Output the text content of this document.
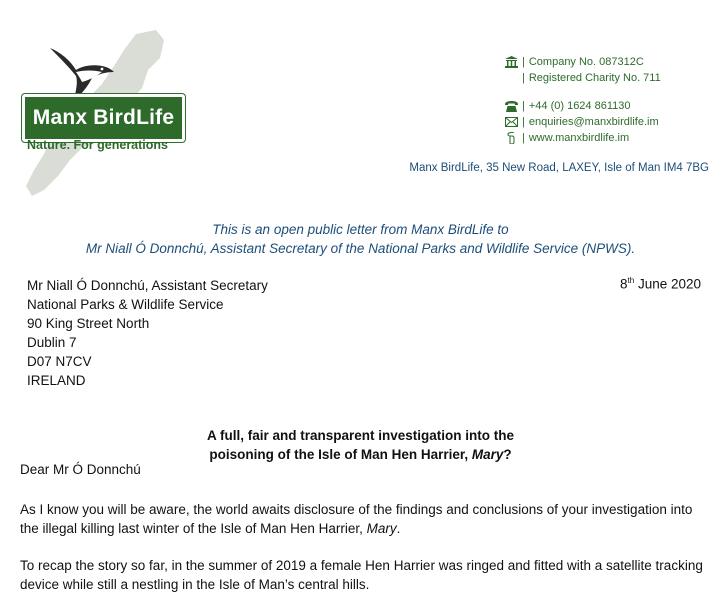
Manx BirdLife
Nature. For generations
| Company No. 087312C
| Registered Charity No. 711
| +44 (0) 1624 861130
| enquiries@manxbirdlife.im
| www.manxbirdlife.im
Manx BirdLife, 35 New Road, LAXEY, Isle of Man IM4 7BG
This is an open public letter from Manx BirdLife to
Mr Niall Ó Donnchú, Assistant Secretary of the National Parks and Wildlife Service (NPWS).
Mr Niall Ó Donnchú, Assistant Secretary
National Parks & Wildlife Service
90 King Street North
Dublin 7
D07 N7CV
IRELAND
8th June 2020
A full, fair and transparent investigation into the
poisoning of the Isle of Man Hen Harrier, Mary?
Dear Mr Ó Donnchú
As I know you will be aware, the world awaits disclosure of the findings and conclusions of your investigation into the illegal killing last winter of the Isle of Man Hen Harrier, Mary.
To recap the story so far, in the summer of 2019 a female Hen Harrier was ringed and fitted with a satellite tracking device while still a nestling in the Isle of Man’s central hills.
